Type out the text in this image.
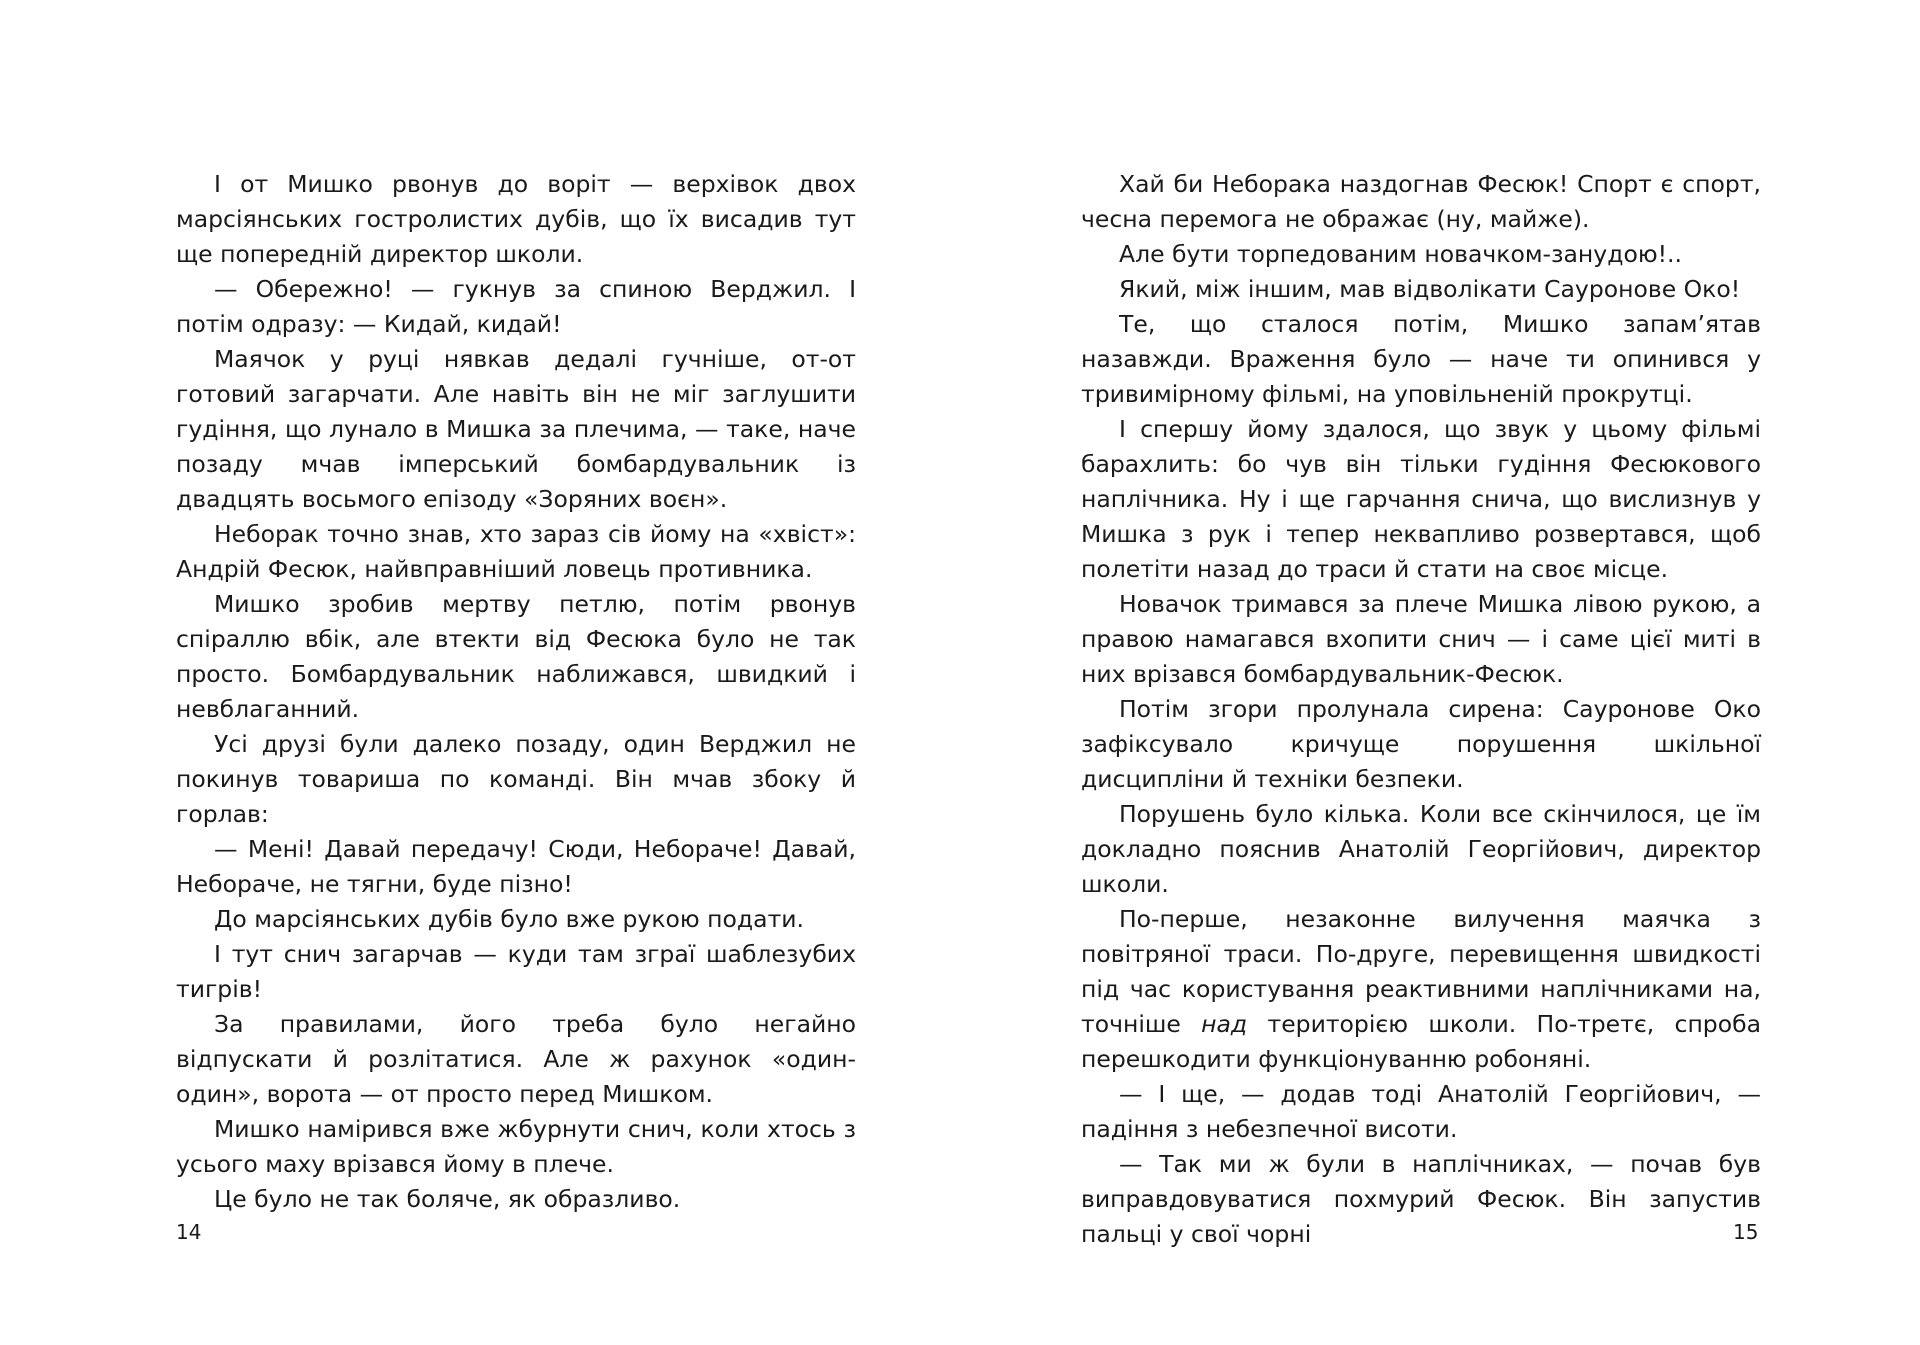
І от Мишко рвонув до воріт — верхівок двох марсіянських гостролистих дубів, що їх висадив тут ще попередній директор школи.

— Обережно! — гукнув за спиною Верджил. І потім одразу: — Кидай, кидай!

Маячок у руці нявкав дедалі гучніше, от-от готовий загарчати. Але навіть він не міг заглушити гудіння, що лунало в Мишка за плечима, — таке, наче позаду мчав імперський бомбардувальник із двадцять восьмого епізоду «Зоряних воєн».

Неборак точно знав, хто зараз сів йому на «хвіст»: Андрій Фесюк, найвправніший ловець противника.

Мишко зробив мертву петлю, потім рвонув спіраллю вбік, але втекти від Фесюка було не так просто. Бомбардувальник наближався, швидкий і невблаганний.

Усі друзі були далеко позаду, один Верджил не покинув товариша по команді. Він мчав збоку й горлав:

— Мені! Давай передачу! Сюди, Небораче! Давай, Небораче, не тягни, буде пізно!

До марсіянських дубів було вже рукою подати.

І тут снич загарчав — куди там зграї шаблезубих тигрів!

За правилами, його треба було негайно відпускати й розлітатися. Але ж рахунок «один-один», ворота — от просто перед Мишком.

Мишко намірився вже жбурнути снич, коли хтось з усього маху врізався йому в плече.

Це було не так боляче, як образливо.

14

Хай би Неборака наздогнав Фесюк! Спорт є спорт, чесна перемога не ображає (ну, майже).

Але бути торпедованим новачком-занудою!..

Який, між іншим, мав відволікати Сауронове Око!

Те, що сталося потім, Мишко запам’ятав назавжди. Враження було — наче ти опинився у тривимірному фільмі, на уповільненій прокрутці.

І спершу йому здалося, що звук у цьому фільмі барахлить: бо чув він тільки гудіння Фесюкового наплічника. Ну і ще гарчання снича, що вислизнув у Мишка з рук і тепер неквапливо розвертався, щоб полетіти назад до траси й стати на своє місце.

Новачок тримався за плече Мишка лівою рукою, а правою намагався вхопити снич — і саме цієї миті в них врізався бомбардувальник-Фесюк.

Потім згори пролунала сирена: Сауронове Око зафіксувало кричуще порушення шкільної дисципліни й техніки безпеки.

Порушень було кілька. Коли все скінчилося, це їм докладно пояснив Анатолій Георгійович, директор школи.

По-перше, незаконне вилучення маячка з повітряної траси. По-друге, перевищення швидкості під час користування реактивними наплічниками на, точніше над територією школи. По-третє, спроба перешкодити функціонуванню робоняні.

— І ще, — додав тоді Анатолій Георгійович, — падіння з небезпечної висоти.

— Так ми ж були в наплічниках, — почав був виправдовуватися похмурий Фесюк. Він запустив пальці у свої чорні	15
